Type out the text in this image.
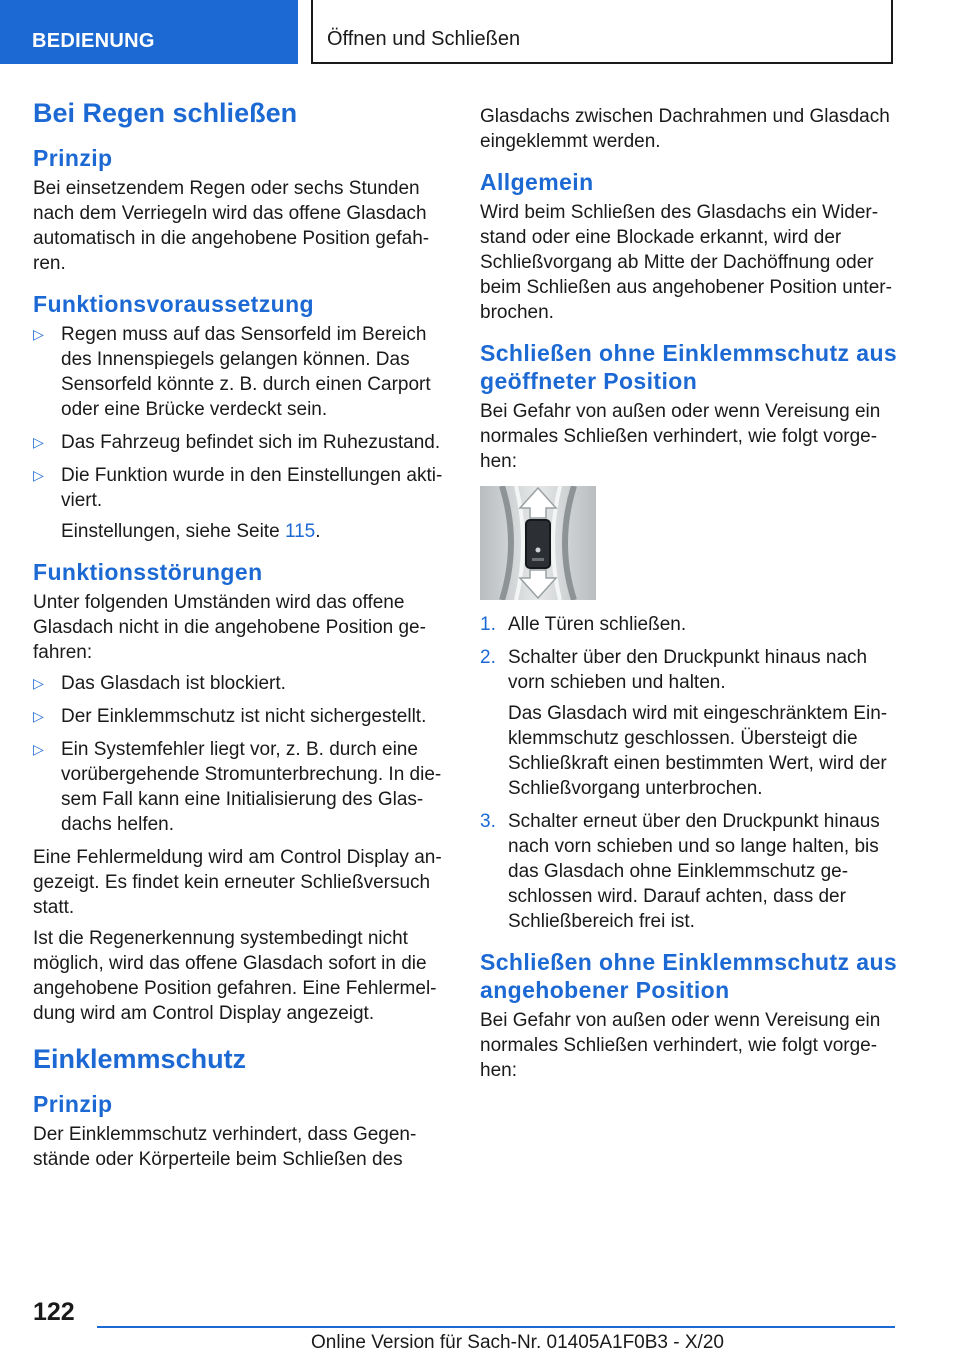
BEDIENUNG	Öffnen und Schließen
Bei Regen schließen
Prinzip

Bei einsetzendem Regen oder sechs Stunden nach dem Verriegeln wird das offene Glasdach automatisch in die angehobene Position gefah-ren.

Funktionsvoraussetzung
▷ Regen muss auf das Sensorfeld im Bereich des Innenspiegels gelangen können. Das Sensorfeld könnte z. B. durch einen Carport oder eine Brücke verdeckt sein.
▷ Das Fahrzeug befindet sich im Ruhezustand.
▷ Die Funktion wurde in den Einstellungen akti-viert.
Einstellungen, siehe Seite 115.
Funktionsstörungen

Unter folgenden Umständen wird das offene Glasdach nicht in die angehobene Position ge-fahren:

▷ Das Glasdach ist blockiert.
▷ Der Einklemmschutz ist nicht sichergestellt.
▷ Ein Systemfehler liegt vor, z. B. durch eine vorübergehende Stromunterbrechung. In die-sem Fall kann eine Initialisierung des Glas-dachs helfen.

Eine Fehlermeldung wird am Control Display an-gezeigt. Es findet kein erneuter Schließversuch statt.

Ist die Regenerkennung systembedingt nicht möglich, wird das offene Glasdach sofort in die angehobene Position gefahren. Eine Fehlermel-dung wird am Control Display angezeigt.

Einklemmschutz
Prinzip

Der Einklemmschutz verhindert, dass Gegen-stände oder Körperteile beim Schließen des

Glasdachs zwischen Dachrahmen und Glasdach eingeklemmt werden.

Allgemein

Wird beim Schließen des Glasdachs ein Wider-stand oder eine Blockade erkannt, wird der Schließvorgang ab Mitte der Dachöffnung oder beim Schließen aus angehobener Position unter-brochen.

Schließen ohne Einklemmschutz aus geöffneter Position

Bei Gefahr von außen oder wenn Vereisung ein normales Schließen verhindert, wie folgt vorge-hen:

1. Alle Türen schließen.
2. Schalter über den Druckpunkt hinaus nach vorn schieben und halten.
Das Glasdach wird mit eingeschränktem Ein-klemmschutz geschlossen. Übersteigt die Schließkraft einen bestimmten Wert, wird der Schließvorgang unterbrochen.
3. Schalter erneut über den Druckpunkt hinaus nach vorn schieben und so lange halten, bis das Glasdach ohne Einklemmschutz ge-schlossen wird. Darauf achten, dass der Schließbereich frei ist.
Schließen ohne Einklemmschutz aus angehobener Position

Bei Gefahr von außen oder wenn Vereisung ein normales Schließen verhindert, wie folgt vorge-hen:

122
Online Version für Sach-Nr. 01405A1F0B3 - X/20
